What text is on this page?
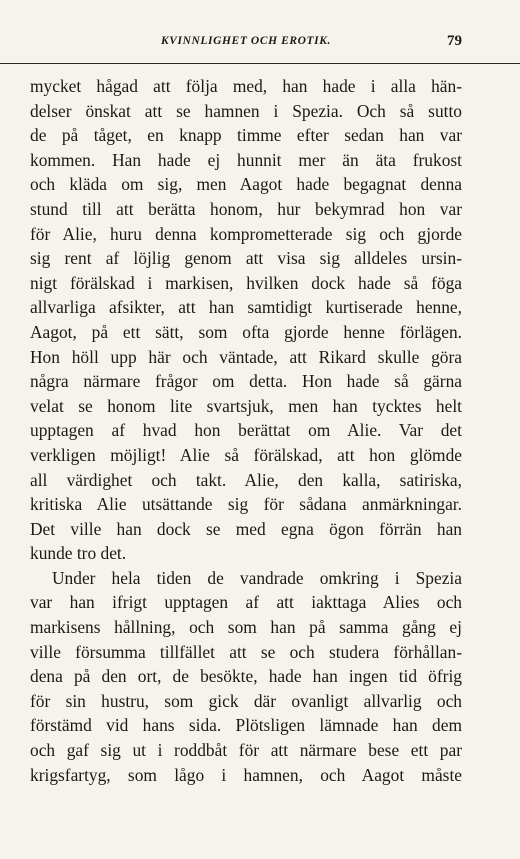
KVINNLIGHET OCH EROTIK.	79
mycket hågad att följa med, han hade i alla hän-
delser önskat att se hamnen i Spezia. Och så sutto
de på tåget, en knapp timme efter sedan han var
kommen. Han hade ej hunnit mer än äta frukost
och kläda om sig, men Aagot hade begagnat denna
stund till att berätta honom, hur bekymrad hon var
för Alie, huru denna komprometterade sig och gjorde
sig rent af löjlig genom att visa sig alldeles ursin-
nigt förälskad i markisen, hvilken dock hade så föga
allvarliga afsikter, att han samtidigt kurtiserade henne,
Aagot, på ett sätt, som ofta gjorde henne förlägen.
Hon höll upp här och väntade, att Rikard skulle göra
några närmare frågor om detta. Hon hade så gärna
velat se honom lite svartsjuk, men han tycktes helt
upptagen af hvad hon berättat om Alie. Var det
verkligen möjligt! Alie så förälskad, att hon glömde
all värdighet och takt. Alie, den kalla, satiriska,
kritiska Alie utsättande sig för sådana anmärkningar.
Det ville han dock se med egna ögon förrän han
kunde tro det.
Under hela tiden de vandrade omkring i Spezia
var han ifrigt upptagen af att iakttaga Alies och
markisens hållning, och som han på samma gång ej
ville försumma tillfället att se och studera förhållan-
dena på den ort, de besökte, hade han ingen tid öfrig
för sin hustru, som gick där ovanligt allvarlig och
förstämd vid hans sida. Plötsligen lämnade han dem
och gaf sig ut i roddbåt för att närmare bese ett par
krigsfartyg, som lågo i hamnen, och Aagot måste
